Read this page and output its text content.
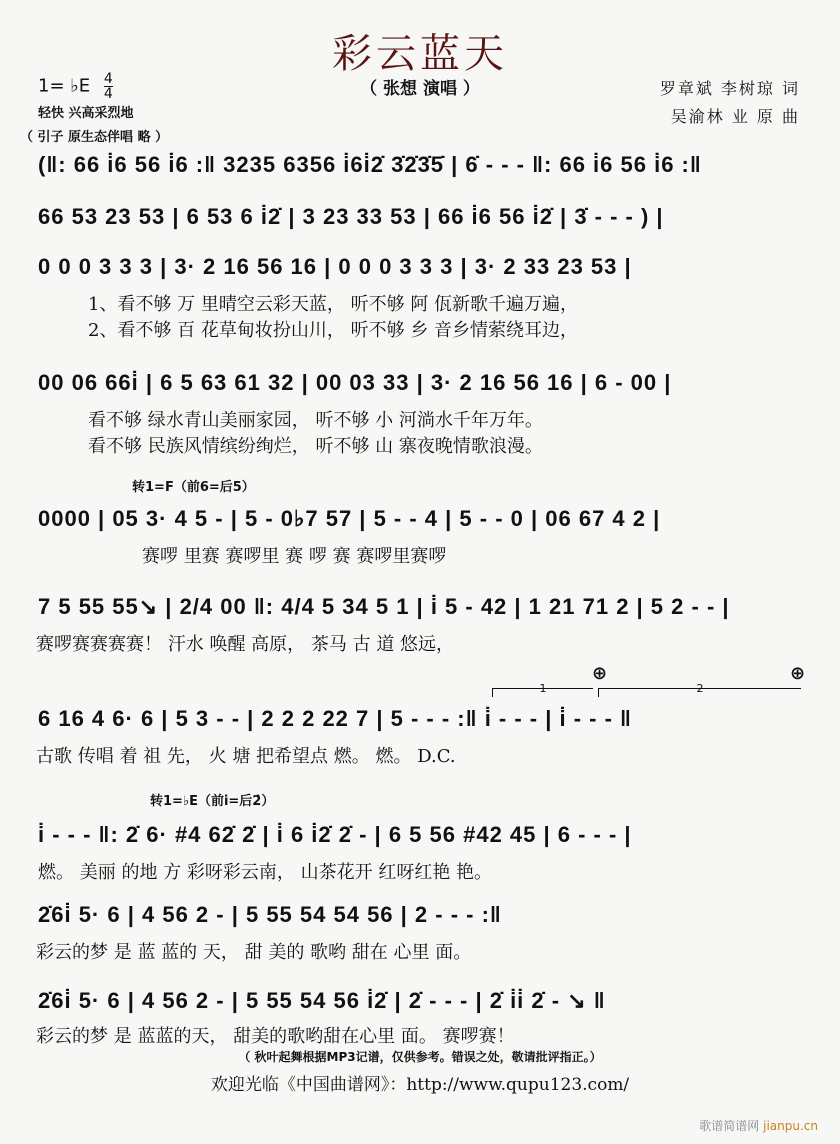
彩云蓝天
（ 张想 演唱 ）
1= ♭E $\frac{4}{4}$
轻快 兴高采烈地
（ 引子 原生态伴唱 略 ）
罗章斌 李树琼 词
吴渝林 业 原 曲
(‖: 66 i̇6 56 i̇6 :‖ 3235 6356 i̇6i̇2̇ 3̇2̇3̇5̇ | 6̇ - - - ‖: 66 i̇6 56 i̇6 :‖
66 53 23 53 | 6 53 6 i̇2̇ | 3 23 33 53 | 66 i̇6 56 i̇2̇ | 3̇ - - - ) |
0 0 0 3 3 3 | 3· 2 16 56 16 | 0 0 0 3 3 3 | 3· 2 33 23 53 |
1、看不够 万 里晴空云彩天蓝， 听不够 阿 佤新歌千遍万遍，
2、看不够 百 花草甸妆扮山川， 听不够 乡 音乡情萦绕耳边，
00 06 66i̇ | 6 5 63 61 32 | 00 03 33 | 3· 2 16 56 16 | 6 - 00 |
看不够 绿水青山美丽家园， 听不够 小 河淌水千年万年。
看不够 民族风情缤纷绚烂， 听不够 山 寨夜晚情歌浪漫。
转1=F（前6=后5）
0000 | 05 3· 4 5 - | 5 - 0♭7 57 | 5 - - 4 | 5 - - 0 | 06 67 4 2 |
赛啰 里赛 赛啰里 赛 啰 赛 赛啰里赛啰
7 5 55 55↘ | 2/4 00 ‖: 4/4 5 34 5 1 | i̇ 5 - 42 | 1 21 71 2 | 5 2 - - |
赛啰赛赛赛赛！ 汗水 唤醒 高原， 茶马 古 道 悠远，
⊕	⊕
1	2
6 16 4 6· 6 | 5 3 - - | 2 2 2 22 7 | 5 - - - :‖ i̇ - - - | i̇ - - - ‖
古歌 传唱 着 祖 先， 火 塘 把希望点 燃。 燃。 D.C.
转1=♭E（前i̇=后2̇）
i̇ - - - ‖: 2̇ 6· #4 62̇ 2̇ | i̇ 6 i̇2̇ 2̇ - | 6 5 56 #42 45 | 6 - - - |
燃。 美丽 的地 方 彩呀彩云南， 山茶花开 红呀红艳 艳。
2̇6i̇ 5· 6 | 4 56 2 - | 5 55 54 54 56 | 2 - - - :‖
彩云的梦 是 蓝 蓝的 天， 甜 美的 歌哟 甜在 心里 面。
2̇6i̇ 5· 6 | 4 56 2 - | 5 55 54 56 i̇2̇ | 2̇ - - - | 2̇ i̇i̇ 2̇ - ↘ ‖
彩云的梦 是 蓝蓝的天， 甜美的歌哟甜在心里 面。 赛啰赛！
（ 秋叶起舞根据MP3记谱，仅供参考。错误之处，敬请批评指正。）
欢迎光临《中国曲谱网》：http://www.qupu123.com/
歌谱简谱网 jianpu.cn
